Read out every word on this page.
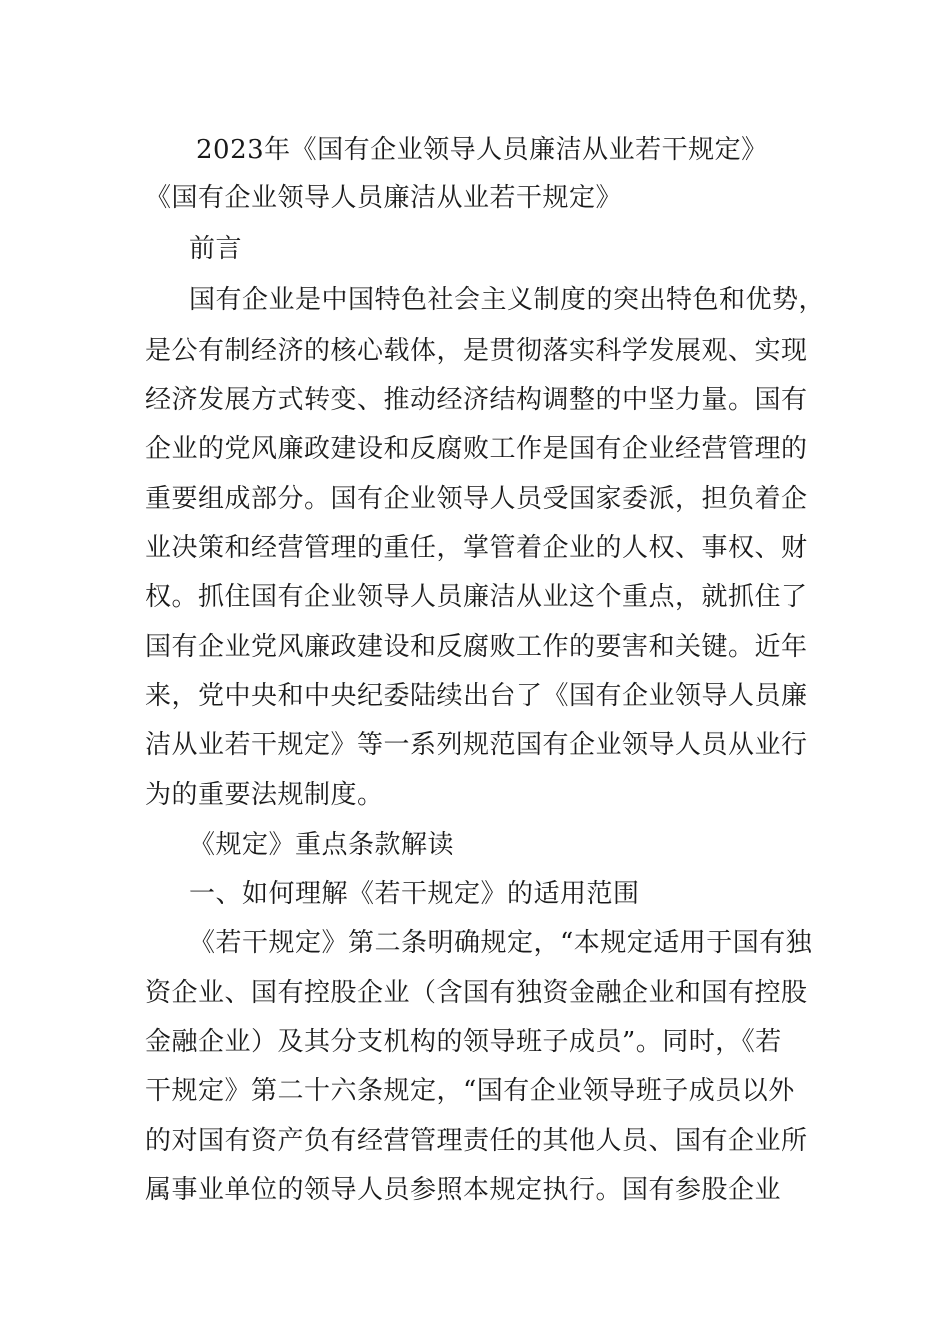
2023年《国有企业领导人员廉洁从业若干规定》
《国有企业领导人员廉洁从业若干规定》
前言
国有企业是中国特色社会主义制度的突出特色和优势，
是公有制经济的核心载体，是贯彻落实科学发展观、实现
经济发展方式转变、推动经济结构调整的中坚力量。国有
企业的党风廉政建设和反腐败工作是国有企业经营管理的
重要组成部分。国有企业领导人员受国家委派，担负着企
业决策和经营管理的重任，掌管着企业的人权、事权、财
权。抓住国有企业领导人员廉洁从业这个重点，就抓住了
国有企业党风廉政建设和反腐败工作的要害和关键。近年
来，党中央和中央纪委陆续出台了《国有企业领导人员廉
洁从业若干规定》等一系列规范国有企业领导人员从业行
为的重要法规制度。
《规定》重点条款解读
一、如何理解《若干规定》的适用范围
《若干规定》第二条明确规定，“本规定适用于国有独
资企业、国有控股企业（含国有独资金融企业和国有控股
金融企业）及其分支机构的领导班子成员”。同时，《若
干规定》第二十六条规定，“国有企业领导班子成员以外
的对国有资产负有经营管理责任的其他人员、国有企业所
属事业单位的领导人员参照本规定执行。国有参股企业
